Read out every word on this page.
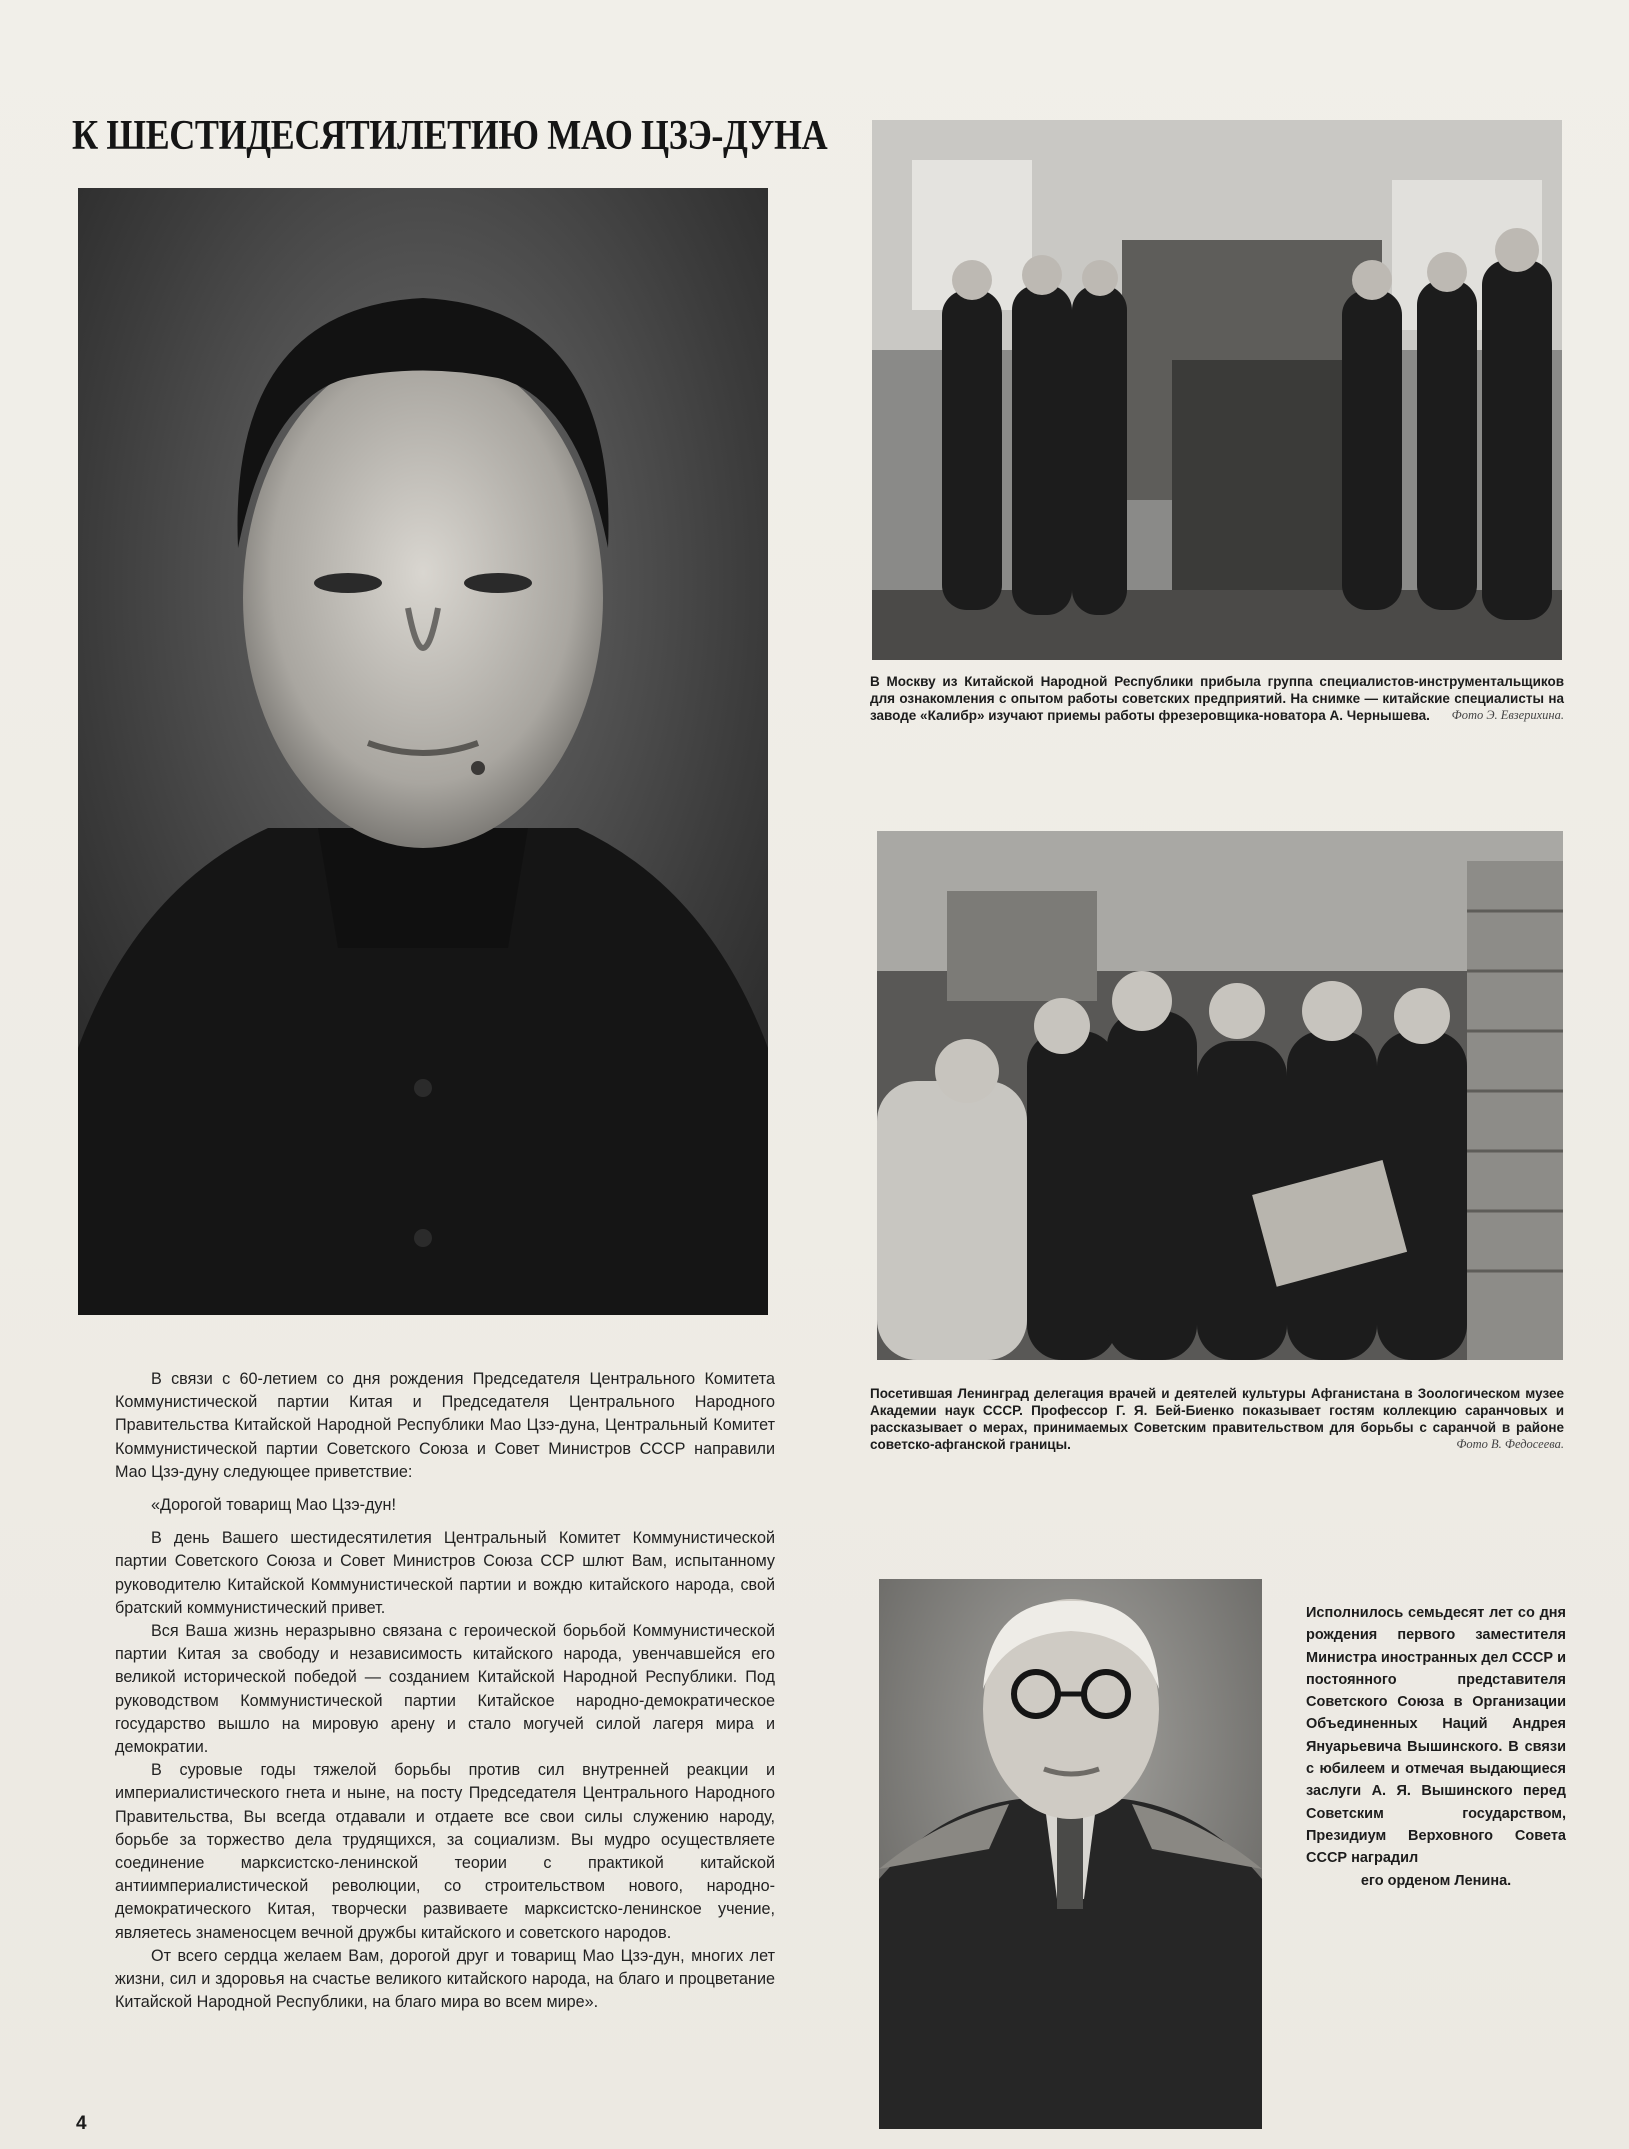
К ШЕСТИДЕСЯТИЛЕТИЮ МАО ЦЗЭ-ДУНА
В Москву из Китайской Народной Республики прибыла группа специалистов-инструментальщиков для ознакомления с опытом работы советских предприятий. На снимке — китайские специалисты на заводе «Калибр» изучают приемы работы фрезеровщика-новатора А. Чернышева.	Фото Э. Евзерихина.
Посетившая Ленинград делегация врачей и деятелей культуры Афганистана в Зоологическом музее Академии наук СССР. Профессор Г. Я. Бей-Биенко показывает гостям коллекцию саранчовых и рассказывает о мерах, принимаемых Советским правительством для борьбы с саранчой в районе советско-афганской границы.	Фото В. Федосеева.

В связи с 60-летием со дня рождения Председателя Центрального Комитета Коммунистической партии Китая и Председателя Центрального Народного Правительства Китайской Народной Республики Мао Цзэ-дуна, Центральный Комитет Коммунистической партии Советского Союза и Совет Министров СССР направили Мао Цзэ-дуну следующее приветствие:

«Дорогой товарищ Мао Цзэ-дун!

В день Вашего шестидесятилетия Центральный Комитет Коммунистической партии Советского Союза и Совет Министров Союза ССР шлют Вам, испытанному руководителю Китайской Коммунистической партии и вождю китайского народа, свой братский коммунистический привет.

Вся Ваша жизнь неразрывно связана с героической борьбой Коммунистической партии Китая за свободу и независимость китайского народа, увенчавшейся его великой исторической победой — созданием Китайской Народной Республики. Под руководством Коммунистической партии Китайское народно-демократическое государство вышло на мировую арену и стало могучей силой лагеря мира и демократии.

В суровые годы тяжелой борьбы против сил внутренней реакции и империалистического гнета и ныне, на посту Председателя Центрального Народного Правительства, Вы всегда отдавали и отдаете все свои силы служению народу, борьбе за торжество дела трудящихся, за социализм. Вы мудро осуществляете соединение марксистско-ленинской теории с практикой китайской антиимпериалистической революции, со строительством нового, народно-демократического Китая, творчески развиваете марксистско-ленинское учение, являетесь знаменосцем вечной дружбы китайского и советского народов.

От всего сердца желаем Вам, дорогой друг и товарищ Мао Цзэ-дун, многих лет жизни, сил и здоровья на счастье великого китайского народа, на благо и процветание Китайской Народной Республики, на благо мира во всем мире».

Исполнилось семьдесят лет со дня рождения первого заместителя Министра иностранных дел СССР и постоянного представителя Советского Союза в Организации Объединенных Наций Андрея Януарьевича Вышинского. В связи с юбилеем и отмечая выдающиеся заслуги А. Я. Вышинского перед Советским государством, Президиум Верховного Совета СССР наградил
его орденом Ленина.
4
